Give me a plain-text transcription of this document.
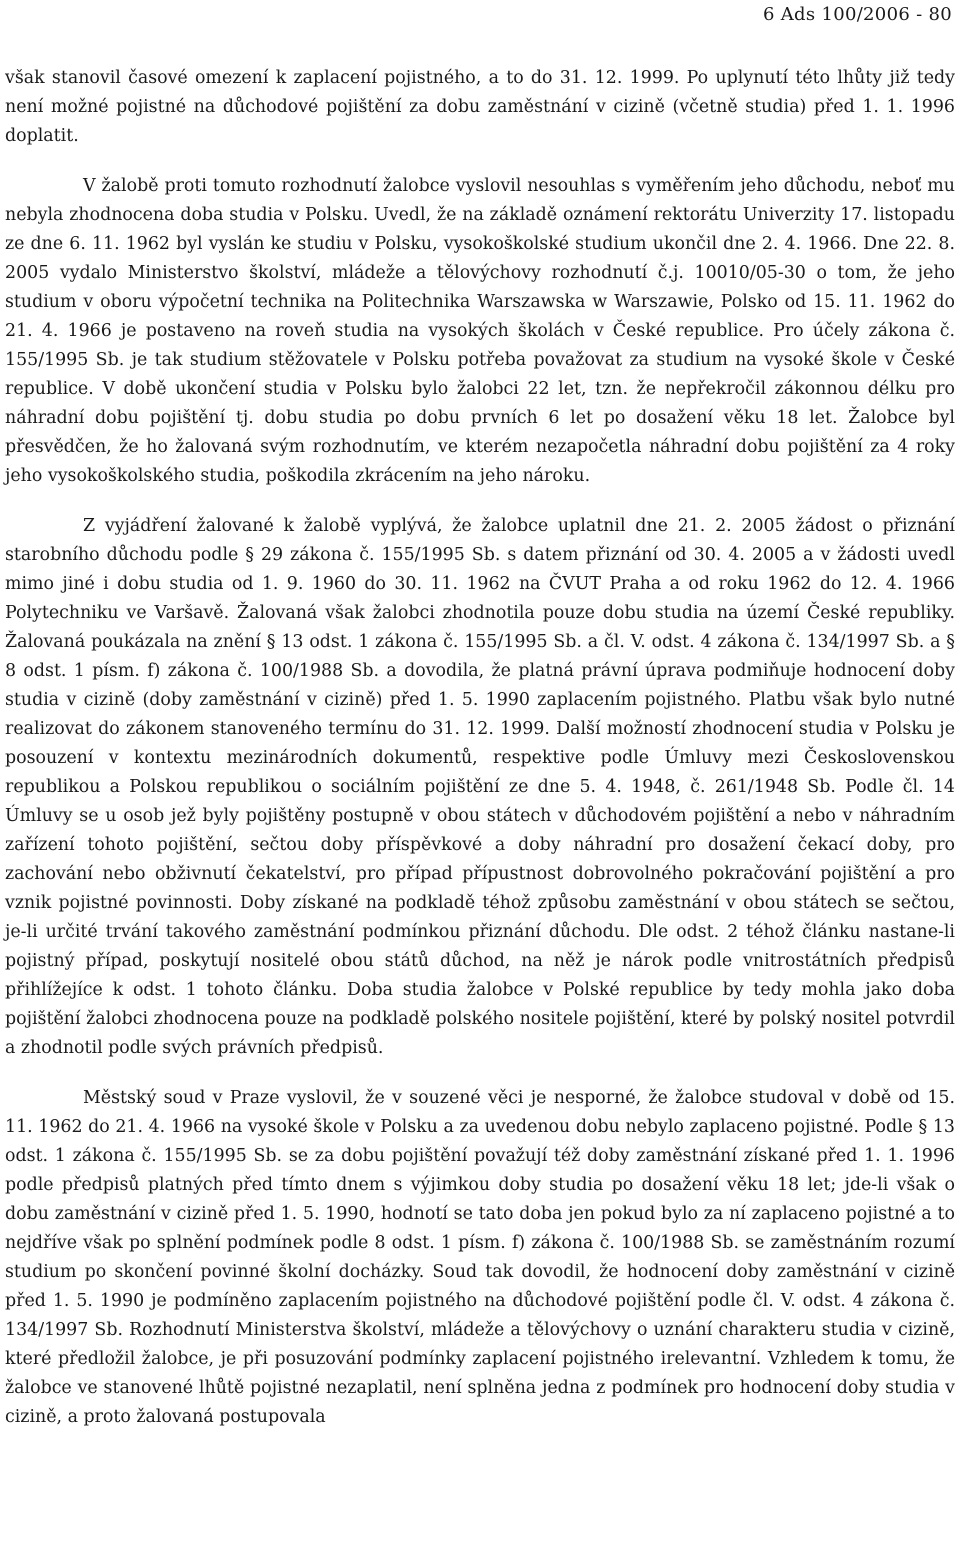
6 Ads 100/2006 - 80

však stanovil časové omezení k zaplacení pojistného, a to do 31. 12. 1999. Po uplynutí této lhůty již tedy není možné pojistné na důchodové pojištění za dobu zaměstnání v cizině (včetně studia) před 1. 1. 1996 doplatit.

V žalobě proti tomuto rozhodnutí žalobce vyslovil nesouhlas s vyměřením jeho důchodu, neboť mu nebyla zhodnocena doba studia v Polsku. Uvedl, že na základě oznámení rektorátu Univerzity 17. listopadu ze dne 6. 11. 1962 byl vyslán ke studiu v Polsku, vysokoškolské studium ukončil dne 2. 4. 1966. Dne 22. 8. 2005 vydalo Ministerstvo školství, mládeže a tělovýchovy rozhodnutí č.j. 10010/05-30 o tom, že jeho studium v oboru výpočetní technika na Politechnika Warszawska w Warszawie, Polsko od 15. 11. 1962 do 21. 4. 1966 je postaveno na roveň studia na vysokých školách v České republice. Pro účely zákona č. 155/1995 Sb. je tak studium stěžovatele v Polsku potřeba považovat za studium na vysoké škole v České republice. V době ukončení studia v Polsku bylo žalobci 22 let, tzn. že nepřekročil zákonnou délku pro náhradní dobu pojištění tj. dobu studia po dobu prvních 6 let po dosažení věku 18 let. Žalobce byl přesvědčen, že ho žalovaná svým rozhodnutím, ve kterém nezapočetla náhradní dobu pojištění za 4 roky jeho vysokoškolského studia, poškodila zkrácením na jeho nároku.

Z vyjádření žalované k žalobě vyplývá, že žalobce uplatnil dne 21. 2. 2005 žádost o přiznání starobního důchodu podle § 29 zákona č. 155/1995 Sb. s datem přiznání od 30. 4. 2005 a v žádosti uvedl mimo jiné i dobu studia od 1. 9. 1960 do 30. 11. 1962 na ČVUT Praha a od roku 1962 do 12. 4. 1966 Polytechniku ve Varšavě. Žalovaná však žalobci zhodnotila pouze dobu studia na území České republiky. Žalovaná poukázala na znění § 13 odst. 1 zákona č. 155/1995 Sb. a čl. V. odst. 4 zákona č. 134/1997 Sb. a § 8 odst. 1 písm. f) zákona č. 100/1988 Sb. a dovodila, že platná právní úprava podmiňuje hodnocení doby studia v cizině (doby zaměstnání v cizině) před 1. 5. 1990 zaplacením pojistného. Platbu však bylo nutné realizovat do zákonem stanoveného termínu do 31. 12. 1999. Další možností zhodnocení studia v Polsku je posouzení v kontextu mezinárodních dokumentů, respektive podle Úmluvy mezi Československou republikou a Polskou republikou o sociálním pojištění ze dne 5. 4. 1948, č. 261/1948 Sb. Podle čl. 14 Úmluvy se u osob jež byly pojištěny postupně v obou státech v důchodovém pojištění a nebo v náhradním zařízení tohoto pojištění, sečtou doby příspěvkové a doby náhradní pro dosažení čekací doby, pro zachování nebo obživnutí čekatelství, pro případ přípustnost dobrovolného pokračování pojištění a pro vznik pojistné povinnosti. Doby získané na podkladě téhož způsobu zaměstnání v obou státech se sečtou, je-li určité trvání takového zaměstnání podmínkou přiznání důchodu. Dle odst. 2 téhož článku nastane-li pojistný případ, poskytují nositelé obou států důchod, na něž je nárok podle vnitrostátních předpisů přihlížejíce k odst. 1 tohoto článku. Doba studia žalobce v Polské republice by tedy mohla jako doba pojištění žalobci zhodnocena pouze na podkladě polského nositele pojištění, které by polský nositel potvrdil a zhodnotil podle svých právních předpisů.

Městský soud v Praze vyslovil, že v souzené věci je nesporné, že žalobce studoval v době od 15. 11. 1962 do 21. 4. 1966 na vysoké škole v Polsku a za uvedenou dobu nebylo zaplaceno pojistné. Podle § 13 odst. 1 zákona č. 155/1995 Sb. se za dobu pojištění považují též doby zaměstnání získané před 1. 1. 1996 podle předpisů platných před tímto dnem s výjimkou doby studia po dosažení věku 18 let; jde-li však o dobu zaměstnání v cizině před 1. 5. 1990, hodnotí se tato doba jen pokud bylo za ní zaplaceno pojistné a to nejdříve však po splnění podmínek podle 8 odst. 1 písm. f) zákona č. 100/1988 Sb. se zaměstnáním rozumí studium po skončení povinné školní docházky. Soud tak dovodil, že hodnocení doby zaměstnání v cizině před 1. 5. 1990 je podmíněno zaplacením pojistného na důchodové pojištění podle čl. V. odst. 4 zákona č. 134/1997 Sb. Rozhodnutí Ministerstva školství, mládeže a tělovýchovy o uznání charakteru studia v cizině, které předložil žalobce, je při posuzování podmínky zaplacení pojistného irelevantní. Vzhledem k tomu, že žalobce ve stanovené lhůtě pojistné nezaplatil, není splněna jedna z podmínek pro hodnocení doby studia v cizině, a proto žalovaná postupovala
